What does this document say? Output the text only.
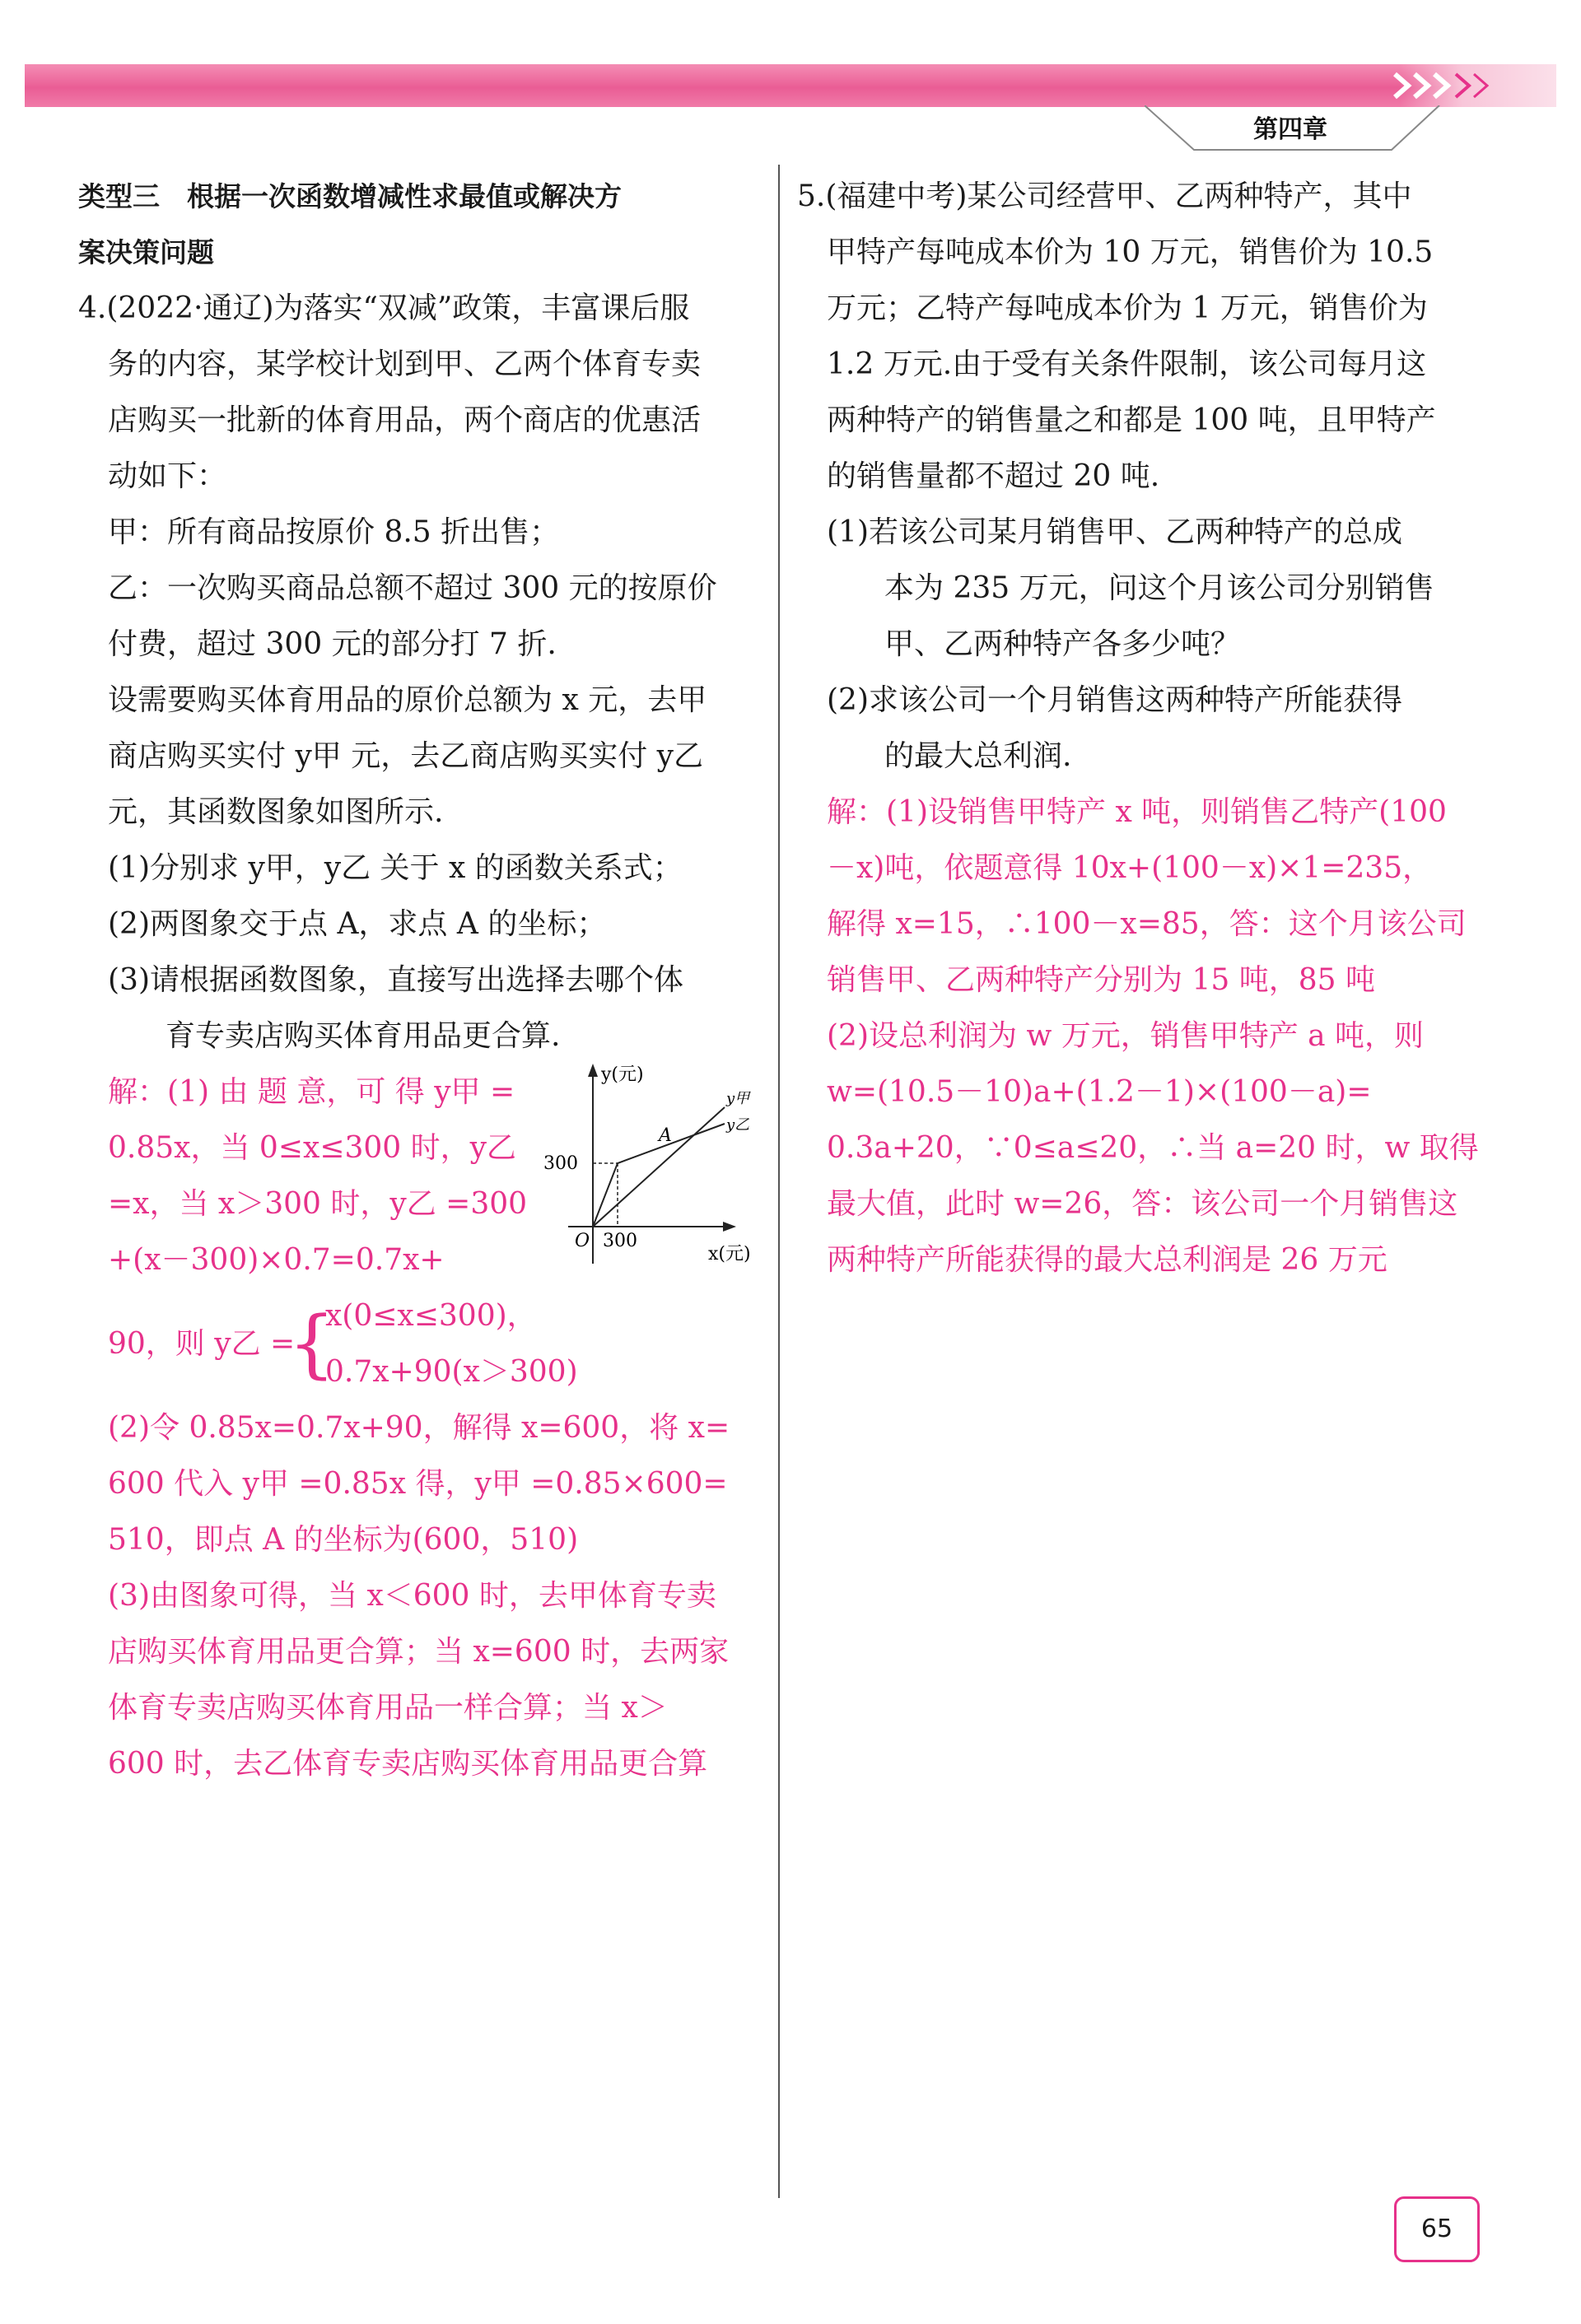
第四章

类型三　根据一次函数增减性求最值或解决方

案决策问题

4.(2022·通辽)为落实“双减”政策，丰富课后服

务的内容，某学校计划到甲、乙两个体育专卖

店购买一批新的体育用品，两个商店的优惠活

动如下：

甲：所有商品按原价 8.5 折出售；

乙：一次购买商品总额不超过 300 元的按原价

付费，超过 300 元的部分打 7 折.

设需要购买体育用品的原价总额为 x 元，去甲

商店购买实付 y甲 元，去乙商店购买实付 y乙

元，其函数图象如图所示.

(1)分别求 y甲，y乙 关于 x 的函数关系式；

(2)两图象交于点 A，求点 A 的坐标；

(3)请根据函数图象，直接写出选择去哪个体

育专卖店购买体育用品更合算.

解：(1) 由 题 意，可 得 y甲 =

0.85x，当 0≤x≤300 时，y乙

=x，当 x＞300 时，y乙 =300

+(x－300)×0.7=0.7x+

90，则 y乙 =
{
x(0≤x≤300)，
0.7x+90(x＞300)

(2)令 0.85x=0.7x+90，解得 x=600，将 x=

600 代入 y甲 =0.85x 得，y甲 =0.85×600=

510，即点 A 的坐标为(600，510)

(3)由图象可得，当 x＜600 时，去甲体育专卖

店购买体育用品更合算；当 x=600 时，去两家

体育专卖店购买体育用品一样合算；当 x＞

600 时，去乙体育专卖店购买体育用品更合算

y(元)
x(元)
O
300
300
A
y甲
y乙

5.(福建中考)某公司经营甲、乙两种特产，其中

甲特产每吨成本价为 10 万元，销售价为 10.5

万元；乙特产每吨成本价为 1 万元，销售价为

1.2 万元.由于受有关条件限制，该公司每月这

两种特产的销售量之和都是 100 吨，且甲特产

的销售量都不超过 20 吨.

(1)若该公司某月销售甲、乙两种特产的总成

本为 235 万元，问这个月该公司分别销售

甲、乙两种特产各多少吨？

(2)求该公司一个月销售这两种特产所能获得

的最大总利润.

解：(1)设销售甲特产 x 吨，则销售乙特产(100

－x)吨，依题意得 10x+(100－x)×1=235，

解得 x=15，∴100－x=85，答：这个月该公司

销售甲、乙两种特产分别为 15 吨，85 吨

(2)设总利润为 w 万元，销售甲特产 a 吨，则

w=(10.5－10)a+(1.2－1)×(100－a)=

0.3a+20，∵0≤a≤20，∴当 a=20 时，w 取得

最大值，此时 w=26，答：该公司一个月销售这

两种特产所能获得的最大总利润是 26 万元

65
